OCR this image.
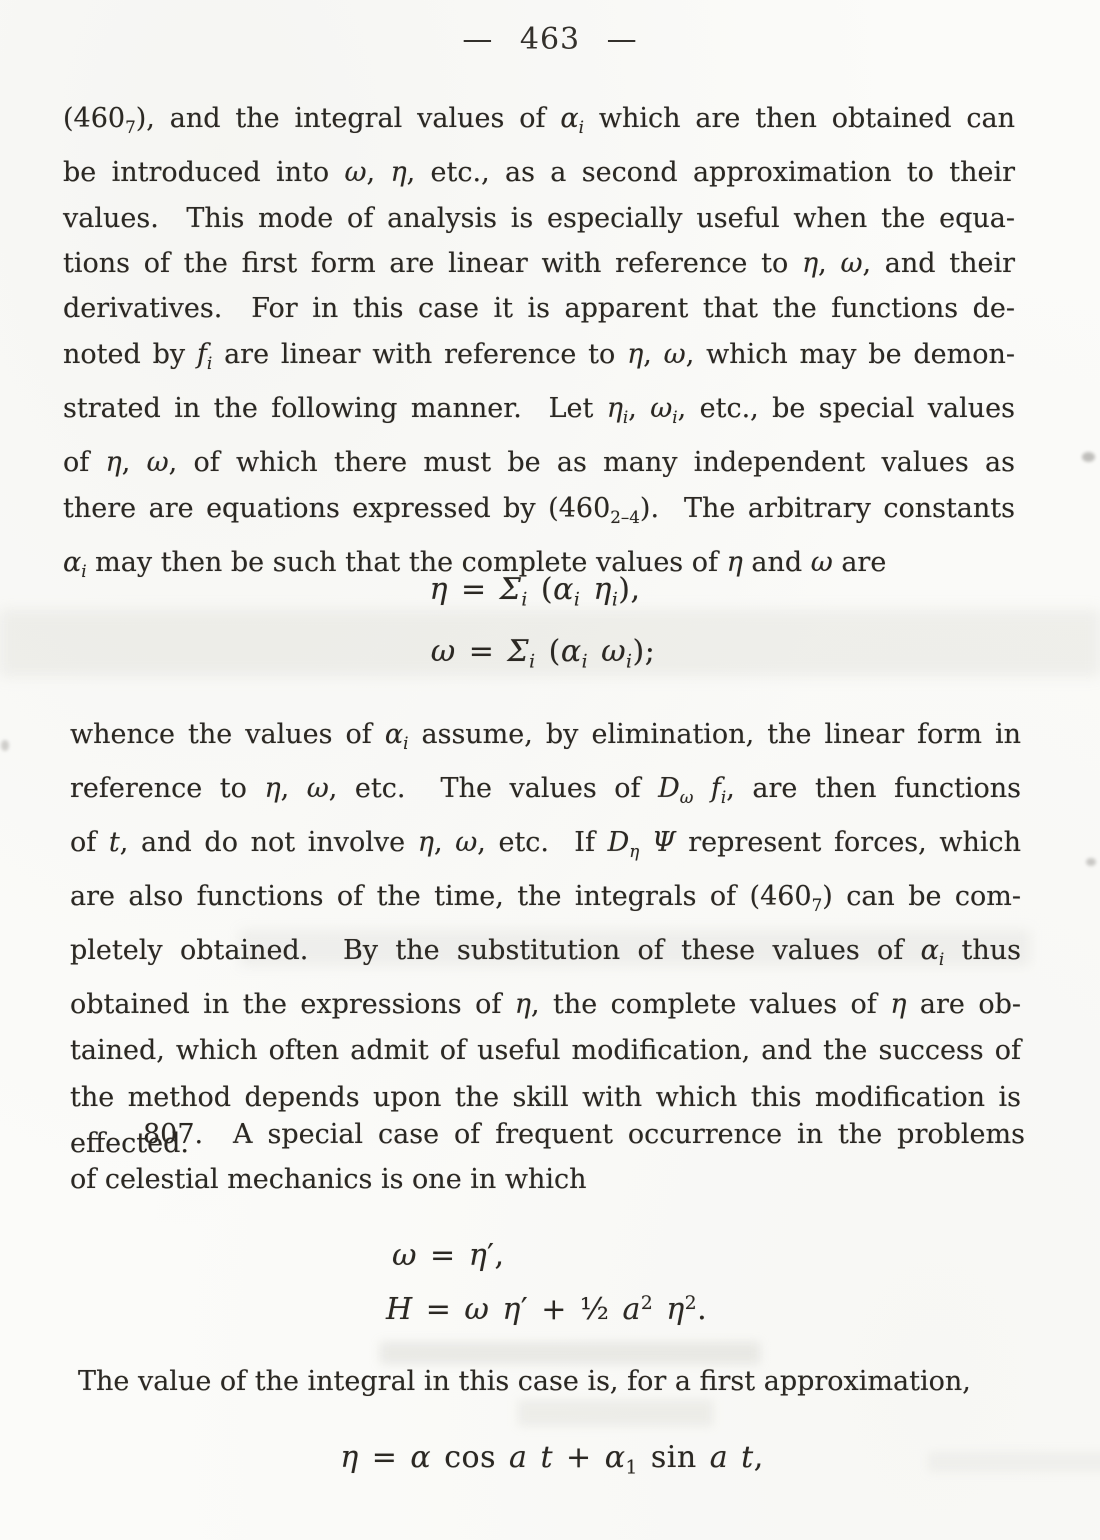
— 463 —
$(460_7)$, and the integral values of $\alpha_i$ which are then obtained can
be introduced into ω, η, etc., as a second approximation to their
values.  This mode of analysis is especially useful when the equa-
tions of the first form are linear with reference to η, ω, and their
derivatives.  For in this case it is apparent that the functions de-
noted by $f_i$ are linear with reference to η, ω, which may be demon-
strated in the following manner.  Let $\eta_i$, $\omega_i$, etc., be special values
of η, ω, of which there must be as many independent values as
there are equations expressed by $(460_{2-4})$.  The arbitrary constants
$\alpha_i$ may then be such that the complete values of η and ω are
$\eta = \Sigma_i$ ($\alpha_i$ $\eta_i$),
$\omega = \Sigma_i$ ($\alpha_i$ $\omega_i$);
whence the values of $\alpha_i$ assume, by elimination, the linear form in
reference to η, ω, etc.  The values of $D_\omega$ $f_i$, are then functions
of t, and do not involve η, ω, etc.  If $D_\eta$ Ψ represent forces, which
are also functions of the time, the integrals of $(460_7)$ can be com-
pletely obtained.  By the substitution of these values of $\alpha_i$ thus
obtained in the expressions of η, the complete values of η are ob-
tained, which often admit of useful modification, and the success of
the method depends upon the skill with which this modification is
effected.
807.  A special case of frequent occurrence in the problems
of celestial mechanics is one in which
ω = η′,
H = ω η′ + ½ $a^2$ $\eta^2$.
The value of the integral in this case is, for a first approximation,
η = α cos a $t + \alpha_1$ sin a t,
